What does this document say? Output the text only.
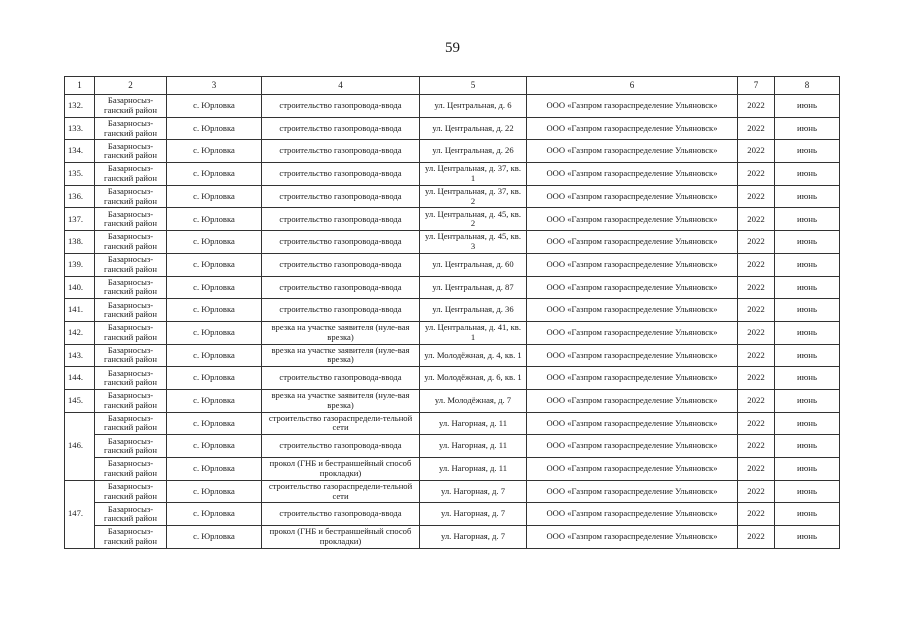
59
1	2	3	4	5	6	7	8
132.	Базарносыз-ганский район	с. Юрловка	строительство газопровода-ввода	ул. Центральная, д. 6	ООО «Газпром газораспределение Ульяновск»	2022	июнь
133.	Базарносыз-ганский район	с. Юрловка	строительство газопровода-ввода	ул. Центральная, д. 22	ООО «Газпром газораспределение Ульяновск»	2022	июнь
134.	Базарносыз-ганский район	с. Юрловка	строительство газопровода-ввода	ул. Центральная, д. 26	ООО «Газпром газораспределение Ульяновск»	2022	июнь
135.	Базарносыз-ганский район	с. Юрловка	строительство газопровода-ввода	ул. Центральная, д. 37, кв. 1	ООО «Газпром газораспределение Ульяновск»	2022	июнь
136.	Базарносыз-ганский район	с. Юрловка	строительство газопровода-ввода	ул. Центральная, д. 37, кв. 2	ООО «Газпром газораспределение Ульяновск»	2022	июнь
137.	Базарносыз-ганский район	с. Юрловка	строительство газопровода-ввода	ул. Центральная, д. 45, кв. 2	ООО «Газпром газораспределение Ульяновск»	2022	июнь
138.	Базарносыз-ганский район	с. Юрловка	строительство газопровода-ввода	ул. Центральная, д. 45, кв. 3	ООО «Газпром газораспределение Ульяновск»	2022	июнь
139.	Базарносыз-ганский район	с. Юрловка	строительство газопровода-ввода	ул. Центральная, д. 60	ООО «Газпром газораспределение Ульяновск»	2022	июнь
140.	Базарносыз-ганский район	с. Юрловка	строительство газопровода-ввода	ул. Центральная, д. 87	ООО «Газпром газораспределение Ульяновск»	2022	июнь
141.	Базарносыз-ганский район	с. Юрловка	строительство газопровода-ввода	ул. Центральная, д. 36	ООО «Газпром газораспределение Ульяновск»	2022	июнь
142.	Базарносыз-ганский район	с. Юрловка	врезка на участке заявителя (нуле-вая врезка)	ул. Центральная, д. 41, кв. 1	ООО «Газпром газораспределение Ульяновск»	2022	июнь
143.	Базарносыз-ганский район	с. Юрловка	врезка на участке заявителя (нуле-вая врезка)	ул. Молодёжная, д. 4, кв. 1	ООО «Газпром газораспределение Ульяновск»	2022	июнь
144.	Базарносыз-ганский район	с. Юрловка	строительство газопровода-ввода	ул. Молодёжная, д. 6, кв. 1	ООО «Газпром газораспределение Ульяновск»	2022	июнь
145.	Базарносыз-ганский район	с. Юрловка	врезка на участке заявителя (нуле-вая врезка)	ул. Молодёжная, д. 7	ООО «Газпром газораспределение Ульяновск»	2022	июнь
146.	Базарносыз-ганский район	с. Юрловка	строительство газораспредели-тельной сети	ул. Нагорная, д. 11	ООО «Газпром газораспределение Ульяновск»	2022	июнь
	Базарносыз-ганский район	с. Юрловка	строительство газопровода-ввода	ул. Нагорная, д. 11	ООО «Газпром газораспределение Ульяновск»	2022	июнь
	Базарносыз-ганский район	с. Юрловка	прокол (ГНБ и бестраншейный способ прокладки)	ул. Нагорная, д. 11	ООО «Газпром газораспределение Ульяновск»	2022	июнь
147.	Базарносыз-ганский район	с. Юрловка	строительство газораспредели-тельной сети	ул. Нагорная, д. 7	ООО «Газпром газораспределение Ульяновск»	2022	июнь
	Базарносыз-ганский район	с. Юрловка	строительство газопровода-ввода	ул. Нагорная, д. 7	ООО «Газпром газораспределение Ульяновск»	2022	июнь
	Базарносыз-ганский район	с. Юрловка	прокол (ГНБ и бестраншейный способ прокладки)	ул. Нагорная, д. 7	ООО «Газпром газораспределение Ульяновск»	2022	июнь
